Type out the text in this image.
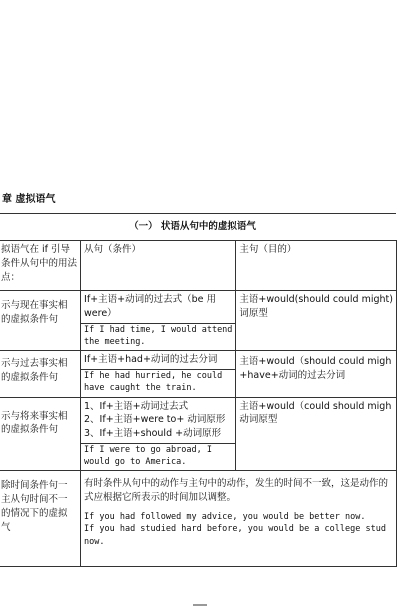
章 虚拟语气
（一） 状语从句中的虚拟语气		

拟语气在 if 引导
条件从句中的用法
点：	从句（条件）	主句（目的）

示与现在事实相
的虚拟条件句	If+主语+动词的过去式（be 用
were）
If I had time, I would attend
the meeting.	主语+would(should could might)
词原型

示与过去事实相
的虚拟条件句	If+主语+had+动词的过去分词
If he had hurried, he could
have caught the train.	主语+would（should could migh
+have+动词的过去分词

示与将来事实相
的虚拟条件句	1、If+主语+动词过去式
2、If+主语+were to+ 动词原形
3、If+主语+should +动词原形
If I were to go abroad, I
would go to America.	主语+would（could should migh
动词原型

除时间条件句一
主从句时间不一
的情况下的虚拟
气	有时条件从句中的动作与主句中的动作，发生的时间不一致，这是动作的
式应根据它所表示的时间加以调整。
If you had followed my advice, you would be better now.
If you had studied hard before, you would be a college stud
now.	
